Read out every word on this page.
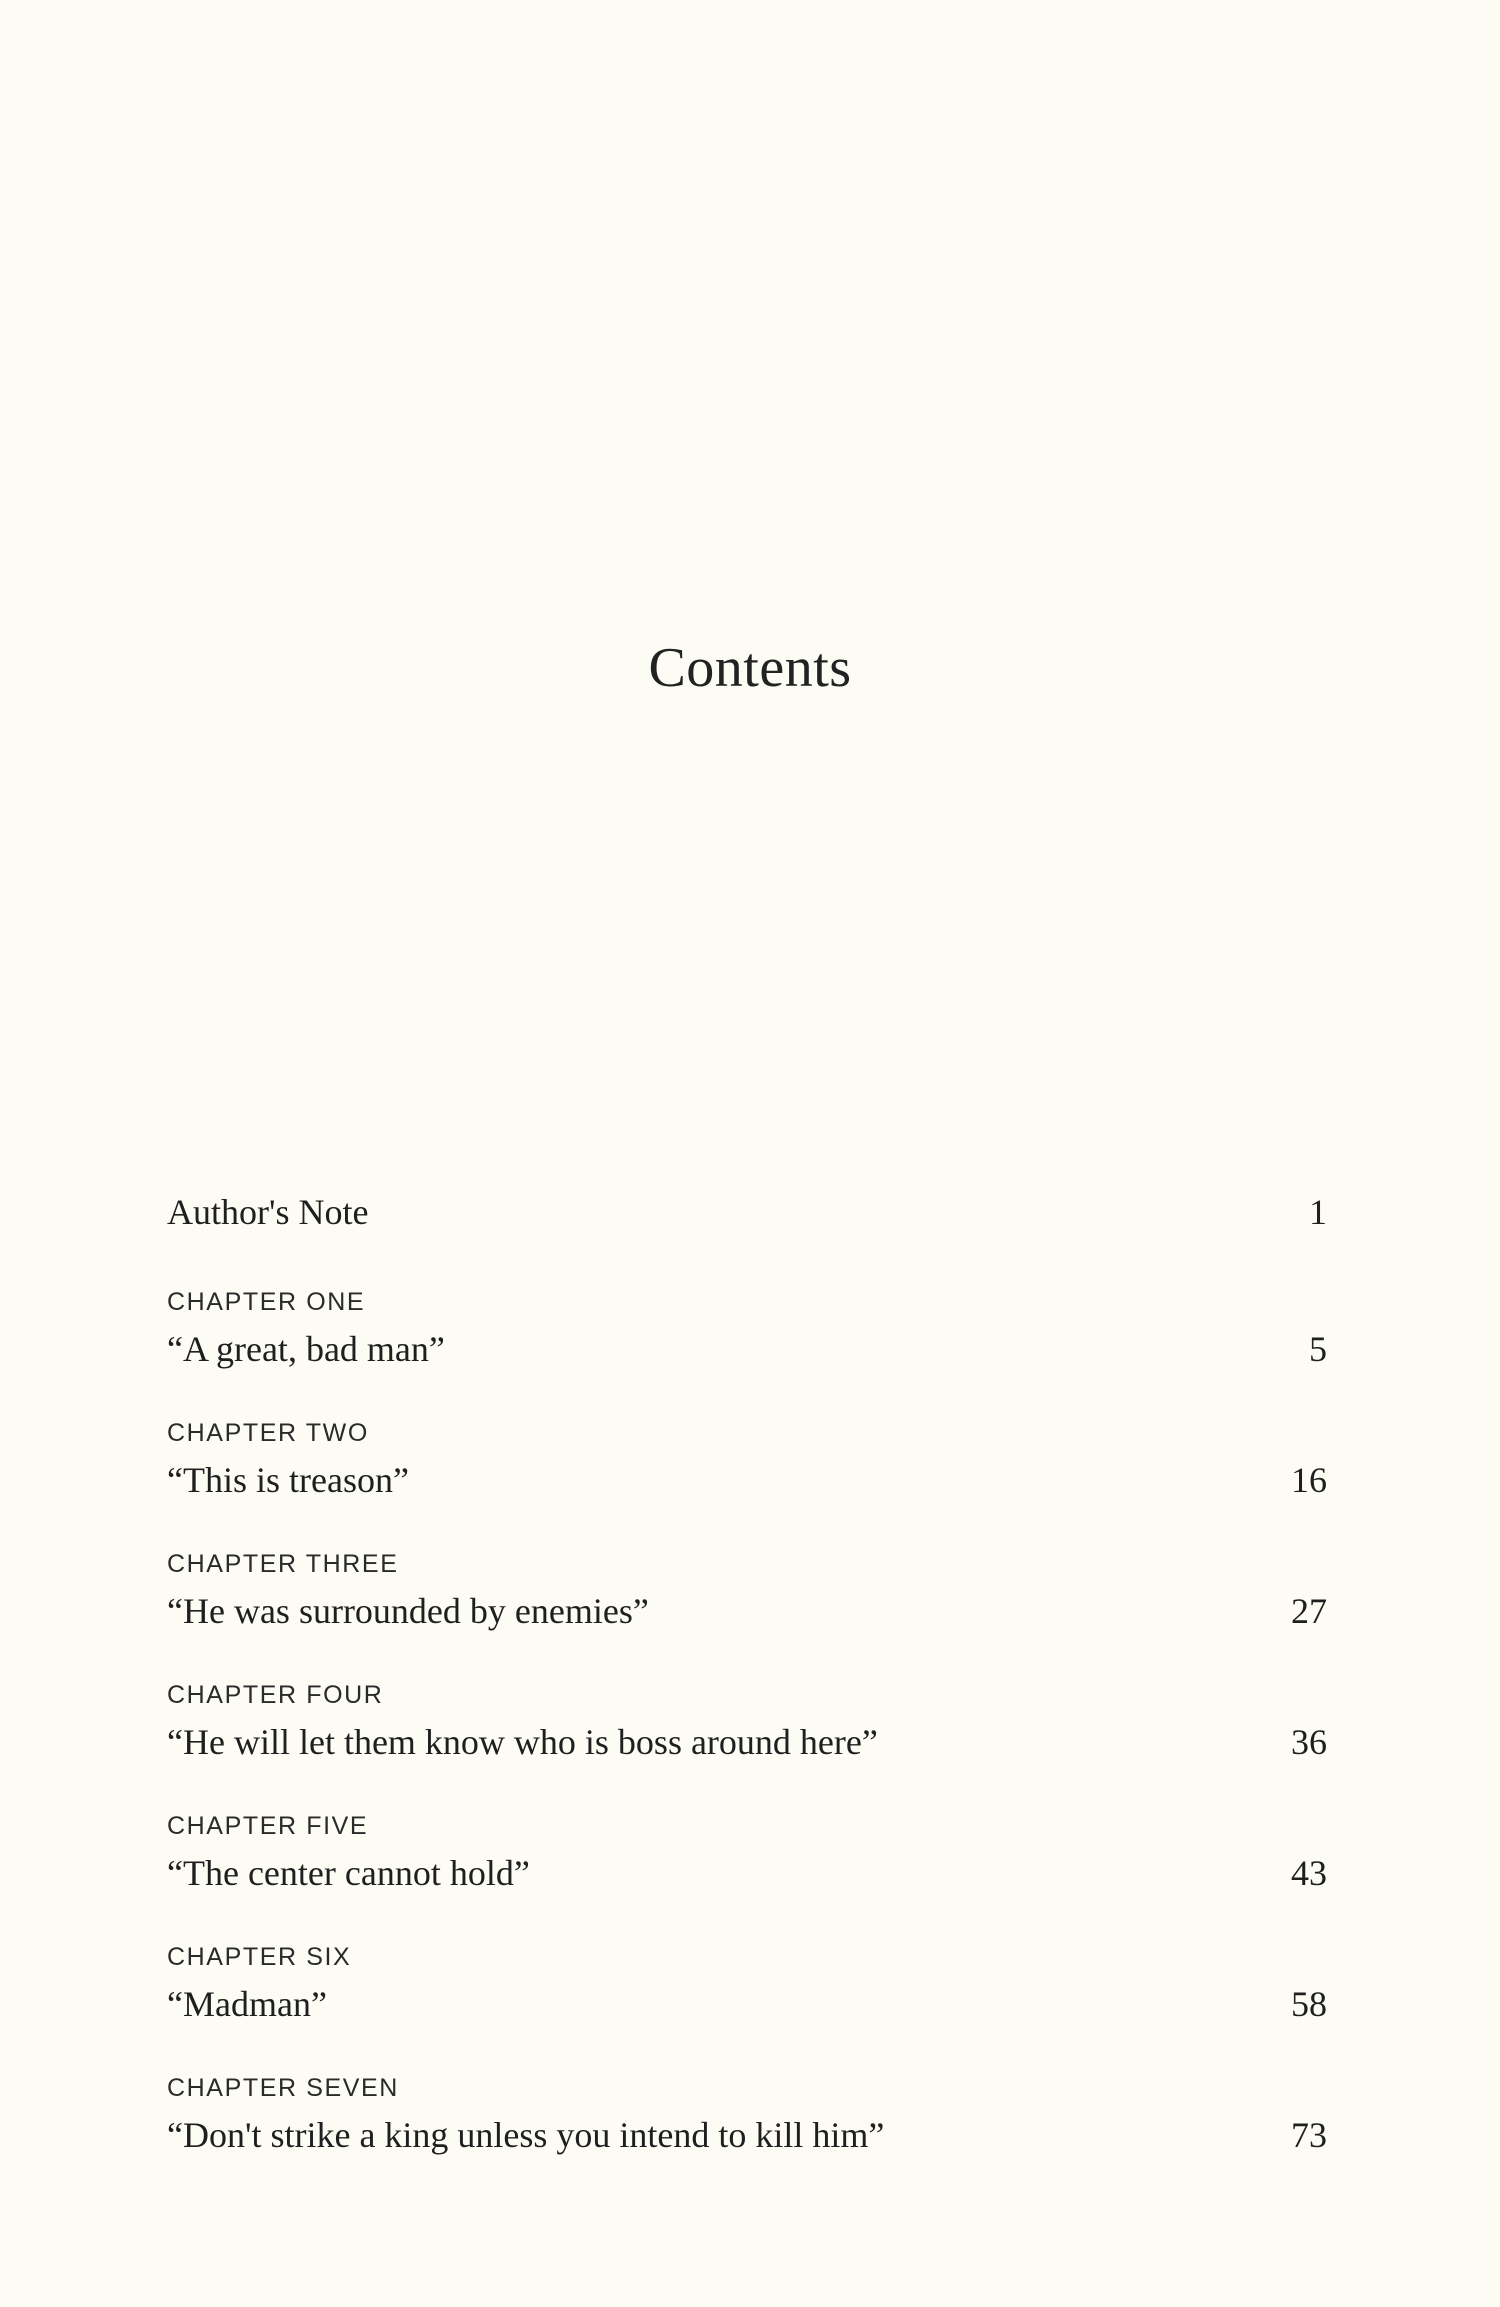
Contents
Author's Note	1
CHAPTER ONE
“A great, bad man”	5
CHAPTER TWO
“This is treason”	16
CHAPTER THREE
“He was surrounded by enemies”	27
CHAPTER FOUR
“He will let them know who is boss around here”	36
CHAPTER FIVE
“The center cannot hold”	43
CHAPTER SIX
“Madman”	58
CHAPTER SEVEN
“Don't strike a king unless you intend to kill him”	73
